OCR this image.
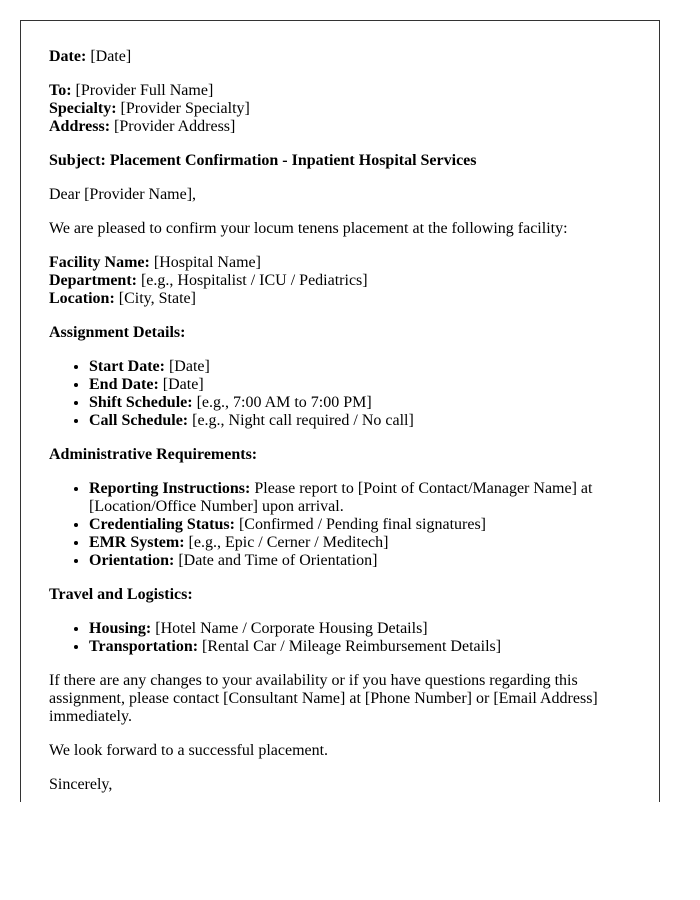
Date: [Date]

To: [Provider Full Name]
Specialty: [Provider Specialty]
Address: [Provider Address]

Subject: Placement Confirmation - Inpatient Hospital Services

Dear [Provider Name],

We are pleased to confirm your locum tenens placement at the following facility:

Facility Name: [Hospital Name]
Department: [e.g., Hospitalist / ICU / Pediatrics]
Location: [City, State]

Assignment Details:

• Start Date: [Date]
• End Date: [Date]
• Shift Schedule: [e.g., 7:00 AM to 7:00 PM]
• Call Schedule: [e.g., Night call required / No call]

Administrative Requirements:

• Reporting Instructions: Please report to [Point of Contact/Manager Name] at [Location/Office Number] upon arrival.
• Credentialing Status: [Confirmed / Pending final signatures]
• EMR System: [e.g., Epic / Cerner / Meditech]
• Orientation: [Date and Time of Orientation]

Travel and Logistics:

• Housing: [Hotel Name / Corporate Housing Details]
• Transportation: [Rental Car / Mileage Reimbursement Details]

If there are any changes to your availability or if you have questions regarding this assignment, please contact [Consultant Name] at [Phone Number] or [Email Address] immediately.

We look forward to a successful placement.

Sincerely,
